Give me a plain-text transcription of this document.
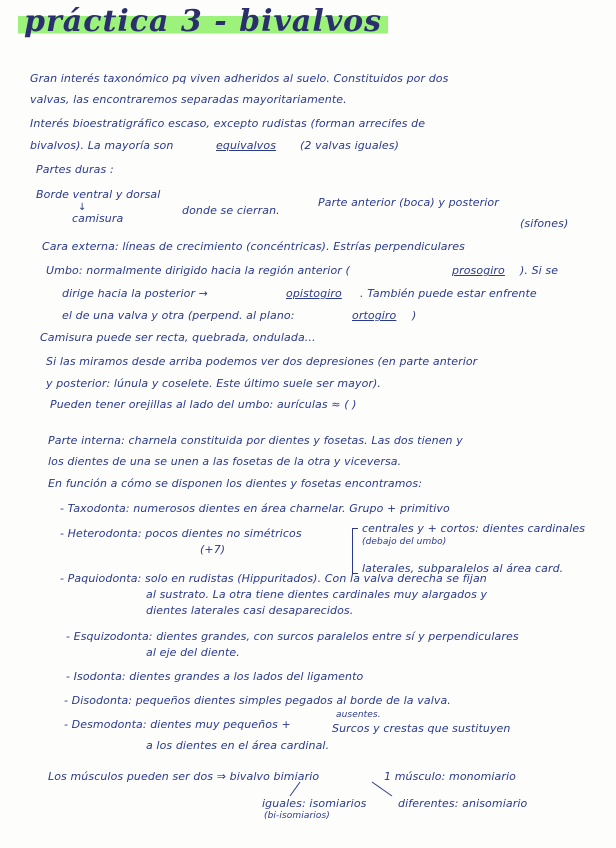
práctica 3 - bivalvos
Gran interés taxonómico pq viven adheridos al suelo. Constituidos por dos
valvas, las encontraremos separadas mayoritariamente.
Interés bioestratigráfico escaso, excepto rudistas (forman arrecifes de
bivalvos). La mayoría son	equivalvos (2 valvas iguales)
Partes duras :
Borde ventral y dorsal
Parte anterior (boca) y posterior
↓
camisura
donde se cierran.
(sifones)
Cara externa: líneas de crecimiento (concéntricas). Estrías perpendiculares
Umbo: normalmente dirigido hacia la región anterior (	prosogiro ). Si se
dirige hacia la posterior →	opistogiro . También puede estar enfrente
el de una valva y otra (perpend. al plano:	ortogiro )
Camisura puede ser recta, quebrada, ondulada...
Si las miramos desde arriba podemos ver dos depresiones (en parte anterior
y posterior: lúnula y coselete. Este último suele ser mayor).
Pueden tener orejillas al lado del umbo: aurículas ≈ ( )
Parte interna: charnela constituida por dientes y fosetas. Las dos tienen y
los dientes de una se unen a las fosetas de la otra y viceversa.
En función a cómo se disponen los dientes y fosetas encontramos:
- Taxodonta: numerosos dientes en área charnelar. Grupo + primitivo
- Heterodonta: pocos dientes no simétricos
(+7)
centrales y + cortos: dientes cardinales
(debajo del umbo)
laterales, subparalelos al área card.
- Paquiodonta: solo en rudistas (Hippuritados). Con la valva derecha se fijan
al sustrato. La otra tiene dientes cardinales muy alargados y
dientes laterales casi desaparecidos.
- Esquizodonta: dientes grandes, con surcos paralelos entre sí y perpendiculares
al eje del diente.
- Isodonta: dientes grandes a los lados del ligamento
- Disodonta: pequeños dientes simples pegados al borde de la valva.
- Desmodonta: dientes muy pequeños +
ausentes.
Surcos y crestas que sustituyen
a los dientes en el área cardinal.
Los músculos pueden ser dos ⇒ bivalvo bimiario	1 músculo: monomiario
iguales: isomiarios	diferentes: anisomiario
(bi-isomiarios)
